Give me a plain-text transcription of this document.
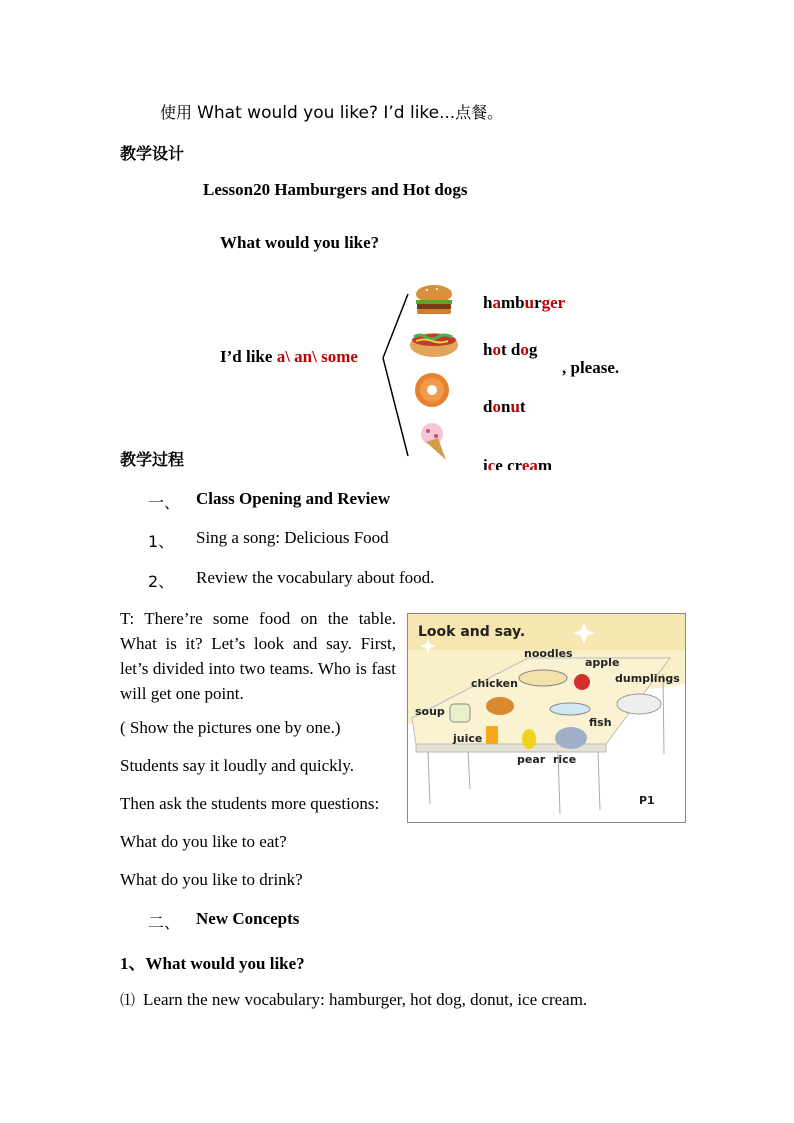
使用 What would you like? I’d like…点餐。
教学设计
Lesson20 Hamburgers and Hot dogs
What would you like?
I’d like a\ an\ some
hamburger
hot dog
, please.
donut
ice cream
教学过程
一、 Class Opening and Review
1、 Sing a song: Delicious Food
2、 Review the vocabulary about food.
T: There’re some food on the table. What is it? Let’s look and say. First, let’s divided into two teams. Who is fast will get one point.
( Show the pictures one by one.)
Students say it loudly and quickly.
Then ask the students more questions:
What do you like to eat?
What do you like to drink?
Look and say.
noodles
apple
chicken	dumplings
soup
fish
juice
pear rice
P1
二、 New Concepts
1、What would you like?
⑴ Learn the new vocabulary: hamburger, hot dog, donut, ice cream.
